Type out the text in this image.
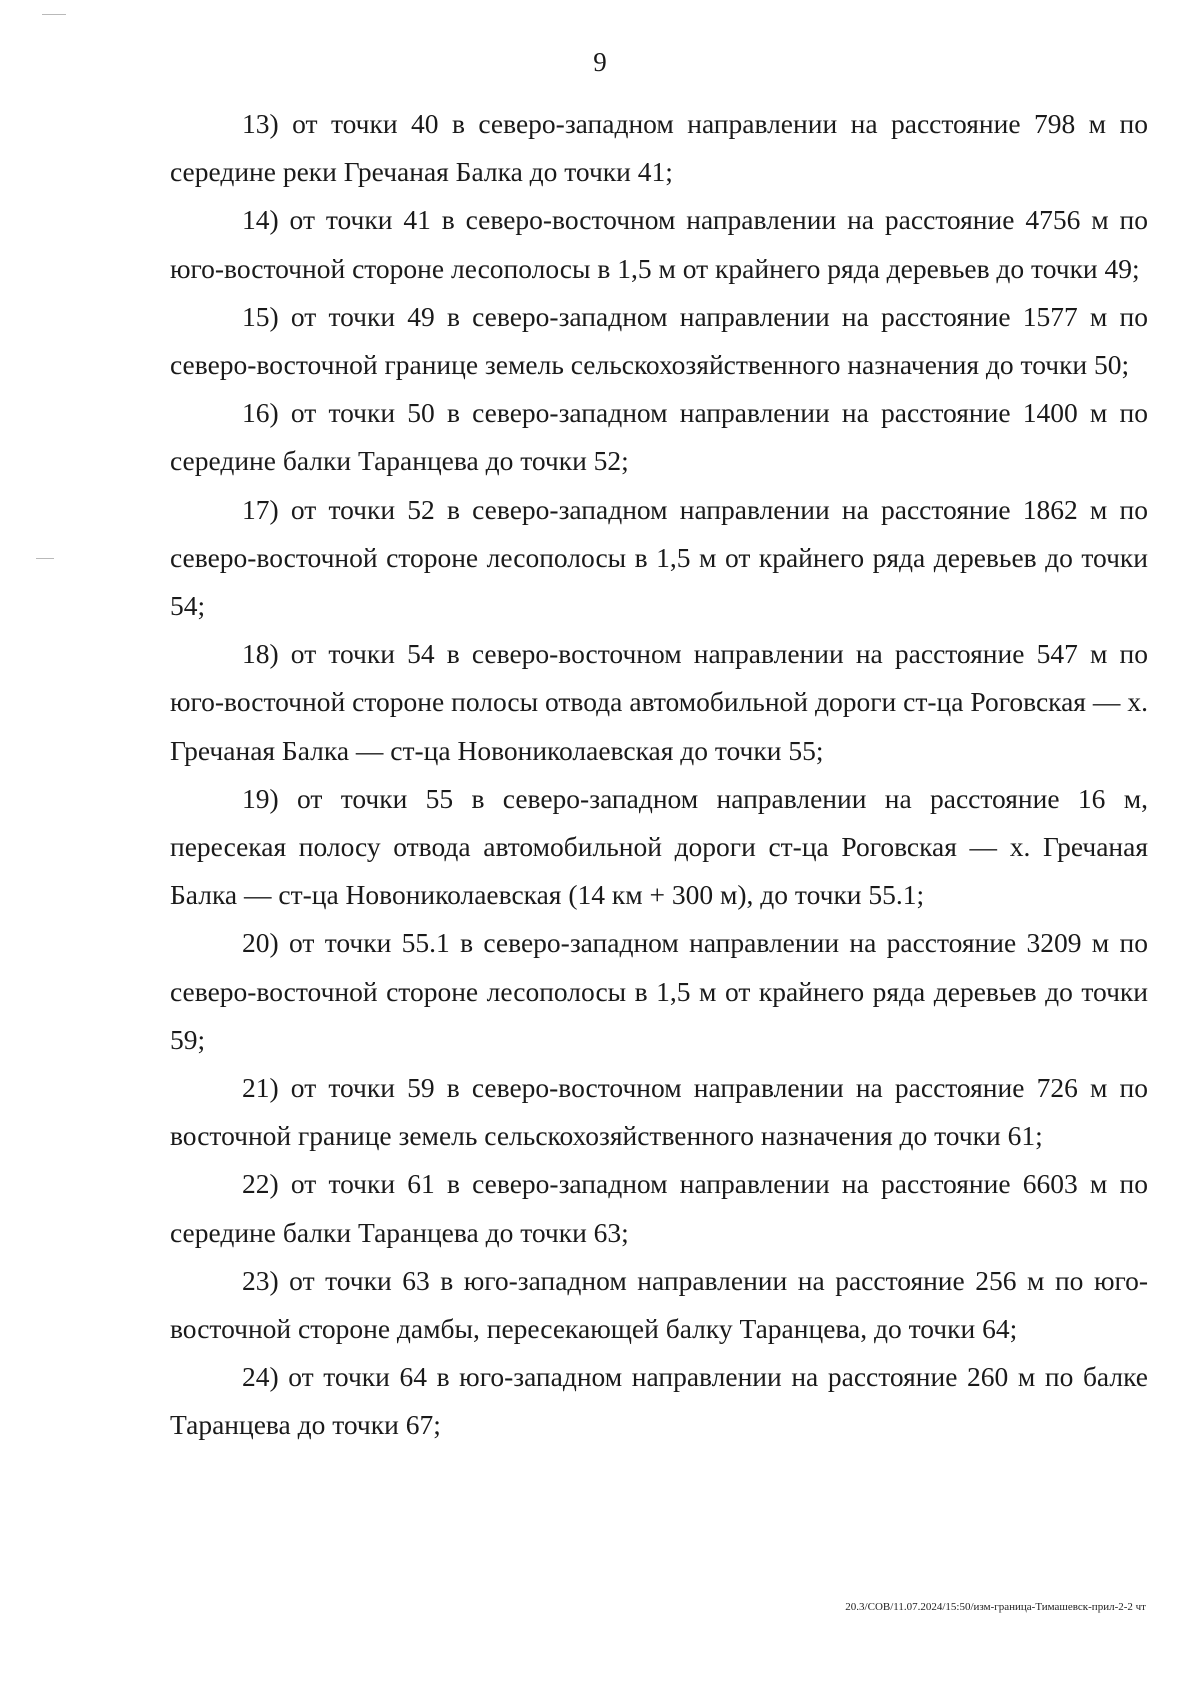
9

13) от точки 40 в северо-западном направлении на расстояние 798 м по середине реки Гречаная Балка до точки 41;

14) от точки 41 в северо-восточном направлении на расстояние 4756 м по юго-восточной стороне лесополосы в 1,5 м от крайнего ряда деревьев до точки 49;

15) от точки 49 в северо-западном направлении на расстояние 1577 м по северо-восточной границе земель сельскохозяйственного назначения до точки 50;

16) от точки 50 в северо-западном направлении на расстояние 1400 м по середине балки Таранцева до точки 52;

17) от точки 52 в северо-западном направлении на расстояние 1862 м по северо-восточной стороне лесополосы в 1,5 м от крайнего ряда деревьев до точки 54;

18) от точки 54 в северо-восточном направлении на расстояние 547 м по юго-восточной стороне полосы отвода автомобильной дороги ст-ца Роговская — х. Гречаная Балка — ст-ца Новониколаевская до точки 55;

19) от точки 55 в северо-западном направлении на расстояние 16 м, пересекая полосу отвода автомобильной дороги ст-ца Роговская — х. Гречаная Балка — ст-ца Новониколаевская (14 км + 300 м), до точки 55.1;

20) от точки 55.1 в северо-западном направлении на расстояние 3209 м по северо-восточной стороне лесополосы в 1,5 м от крайнего ряда деревьев до точки 59;

21) от точки 59 в северо-восточном направлении на расстояние 726 м по восточной границе земель сельскохозяйственного назначения до точки 61;

22) от точки 61 в северо-западном направлении на расстояние 6603 м по середине балки Таранцева до точки 63;

23) от точки 63 в юго-западном направлении на расстояние 256 м по юго-восточной стороне дамбы, пересекающей балку Таранцева, до точки 64;

24) от точки 64 в юго-западном направлении на расстояние 260 м по балке Таранцева до точки 67;

20.3/СОВ/11.07.2024/15:50/изм-граница-Тимашевск-прил-2-2 чт
